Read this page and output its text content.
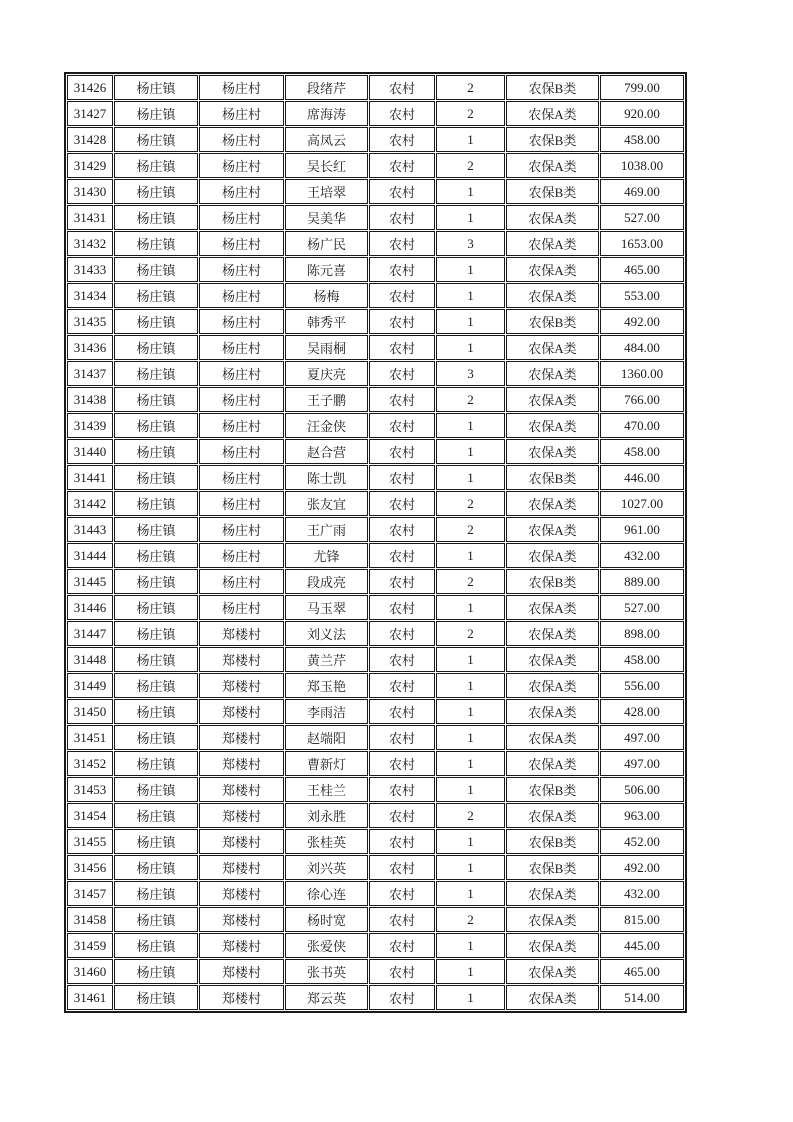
31426	杨庄镇	杨庄村	段绪芹	农村	2	农保B类	799.00
31427	杨庄镇	杨庄村	席海涛	农村	2	农保A类	920.00
31428	杨庄镇	杨庄村	高凤云	农村	1	农保B类	458.00
31429	杨庄镇	杨庄村	吴长红	农村	2	农保A类	1038.00
31430	杨庄镇	杨庄村	王培翠	农村	1	农保B类	469.00
31431	杨庄镇	杨庄村	吴美华	农村	1	农保A类	527.00
31432	杨庄镇	杨庄村	杨广民	农村	3	农保A类	1653.00
31433	杨庄镇	杨庄村	陈元喜	农村	1	农保A类	465.00
31434	杨庄镇	杨庄村	杨梅	农村	1	农保A类	553.00
31435	杨庄镇	杨庄村	韩秀平	农村	1	农保B类	492.00
31436	杨庄镇	杨庄村	吴雨桐	农村	1	农保A类	484.00
31437	杨庄镇	杨庄村	夏庆亮	农村	3	农保A类	1360.00
31438	杨庄镇	杨庄村	王子鹏	农村	2	农保A类	766.00
31439	杨庄镇	杨庄村	汪金侠	农村	1	农保A类	470.00
31440	杨庄镇	杨庄村	赵合营	农村	1	农保A类	458.00
31441	杨庄镇	杨庄村	陈士凯	农村	1	农保B类	446.00
31442	杨庄镇	杨庄村	张友宜	农村	2	农保A类	1027.00
31443	杨庄镇	杨庄村	王广雨	农村	2	农保A类	961.00
31444	杨庄镇	杨庄村	尤锋	农村	1	农保A类	432.00
31445	杨庄镇	杨庄村	段成亮	农村	2	农保B类	889.00
31446	杨庄镇	杨庄村	马玉翠	农村	1	农保A类	527.00
31447	杨庄镇	郑楼村	刘义法	农村	2	农保A类	898.00
31448	杨庄镇	郑楼村	黄兰芹	农村	1	农保A类	458.00
31449	杨庄镇	郑楼村	郑玉艳	农村	1	农保A类	556.00
31450	杨庄镇	郑楼村	李雨洁	农村	1	农保A类	428.00
31451	杨庄镇	郑楼村	赵端阳	农村	1	农保A类	497.00
31452	杨庄镇	郑楼村	曹新灯	农村	1	农保A类	497.00
31453	杨庄镇	郑楼村	王桂兰	农村	1	农保B类	506.00
31454	杨庄镇	郑楼村	刘永胜	农村	2	农保A类	963.00
31455	杨庄镇	郑楼村	张桂英	农村	1	农保B类	452.00
31456	杨庄镇	郑楼村	刘兴英	农村	1	农保B类	492.00
31457	杨庄镇	郑楼村	徐心连	农村	1	农保A类	432.00
31458	杨庄镇	郑楼村	杨时宽	农村	2	农保A类	815.00
31459	杨庄镇	郑楼村	张爱侠	农村	1	农保A类	445.00
31460	杨庄镇	郑楼村	张书英	农村	1	农保A类	465.00
31461	杨庄镇	郑楼村	郑云英	农村	1	农保A类	514.00
